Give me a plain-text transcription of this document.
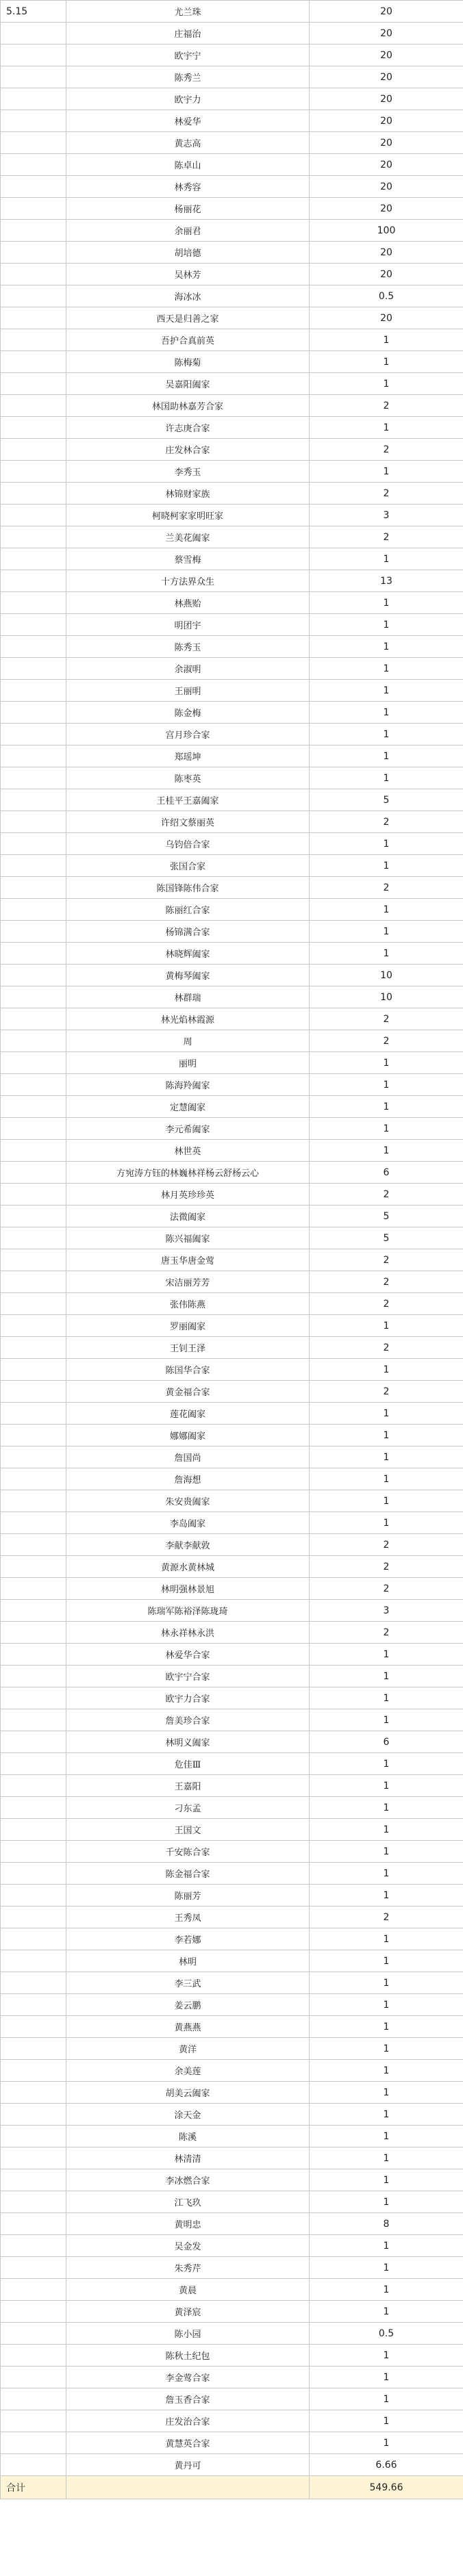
5.15	尤兰珠	20
	庄福治	20
	欧宇宁	20
	陈秀兰	20
	欧宇力	20
	林爱华	20
	黄志高	20
	陈卓山	20
	林秀容	20
	杨丽花	20
	余丽君	100
	胡培德	20
	吴林芳	20
	海冰冰	0.5
	西天是归善之家	20
	吾护合真前英	1
	陈梅菊	1
	吴嘉阳阖家	1
	林国助林嘉芳合家	2
	许志庚合家	1
	庄发林合家	2
	李秀玉	1
	林锦财家族	2
	柯晓柯家家明旺家	3
	兰美花阖家	2
	蔡雪梅	1
	十方法界众生	13
	林燕贻	1
	明团宇	1
	陈秀玉	1
	余淑明	1
	王丽明	1
	陈金梅	1
	宫月珍合家	1
	郑瑶坤	1
	陈枣英	1
	王桂平王嘉阖家	5
	许绍文蔡丽英	2
	乌钧倍合家	1
	张国合家	1
	陈国锋陈伟合家	2
	陈丽红合家	1
	杨锦满合家	1
	林晓辉阖家	1
	黄梅琴阖家	10
	林群瑞	10
	林光焰林霞源	2
	周	2
	丽明	1
	陈海羚阖家	1
	定慧阖家	1
	李元希阖家	1
	林世英	1
	方宛涛方钰的林巍林祥杨云舒杨云心	6
	林月英珍珍英	2
	法微阖家	5
	陈兴福阖家	5
	唐玉华唐金莺	2
	宋洁丽芳芳	2
	张伟陈燕	2
	罗丽阖家	1
	王钊王泽	2
	陈国华合家	1
	黄金福合家	2
	莲花阖家	1
	娜娜阖家	1
	詹国尚	1
	詹海想	1
	朱安贵阖家	1
	李岛阖家	1
	李献李献敦	2
	黄源水黄林城	2
	林明强林景旭	2
	陈瑞军陈裕泽陈珑琦	3
	林永祥林永洪	2
	林爱华合家	1
	欧宇宁合家	1
	欧宇力合家	1
	詹美珍合家	1
	林明义阖家	6
	危佳Ⅲ	1
	王嘉阳	1
	刁东孟	1
	王国文	1
	千安陈合家	1
	陈金福合家	1
	陈丽芳	1
	王秀凤	2
	李若娜	1
	林明	1
	李三武	1
	姜云鹏	1
	黄燕燕	1
	黄洋	1
	余美莲	1
	胡美云阖家	1
	涂天金	1
	陈溪	1
	林清清	1
	李冰燃合家	1
	江飞玖	1
	黄明忠	8
	吴金发	1
	朱秀芹	1
	黄晨	1
	黄泽宸	1
	陈小园	0.5
	陈秋土纪包	1
	李金莺合家	1
	詹玉香合家	1
	庄发治合家	1
	黄慧英合家	1
	黄丹可	6.66
合计		549.66
